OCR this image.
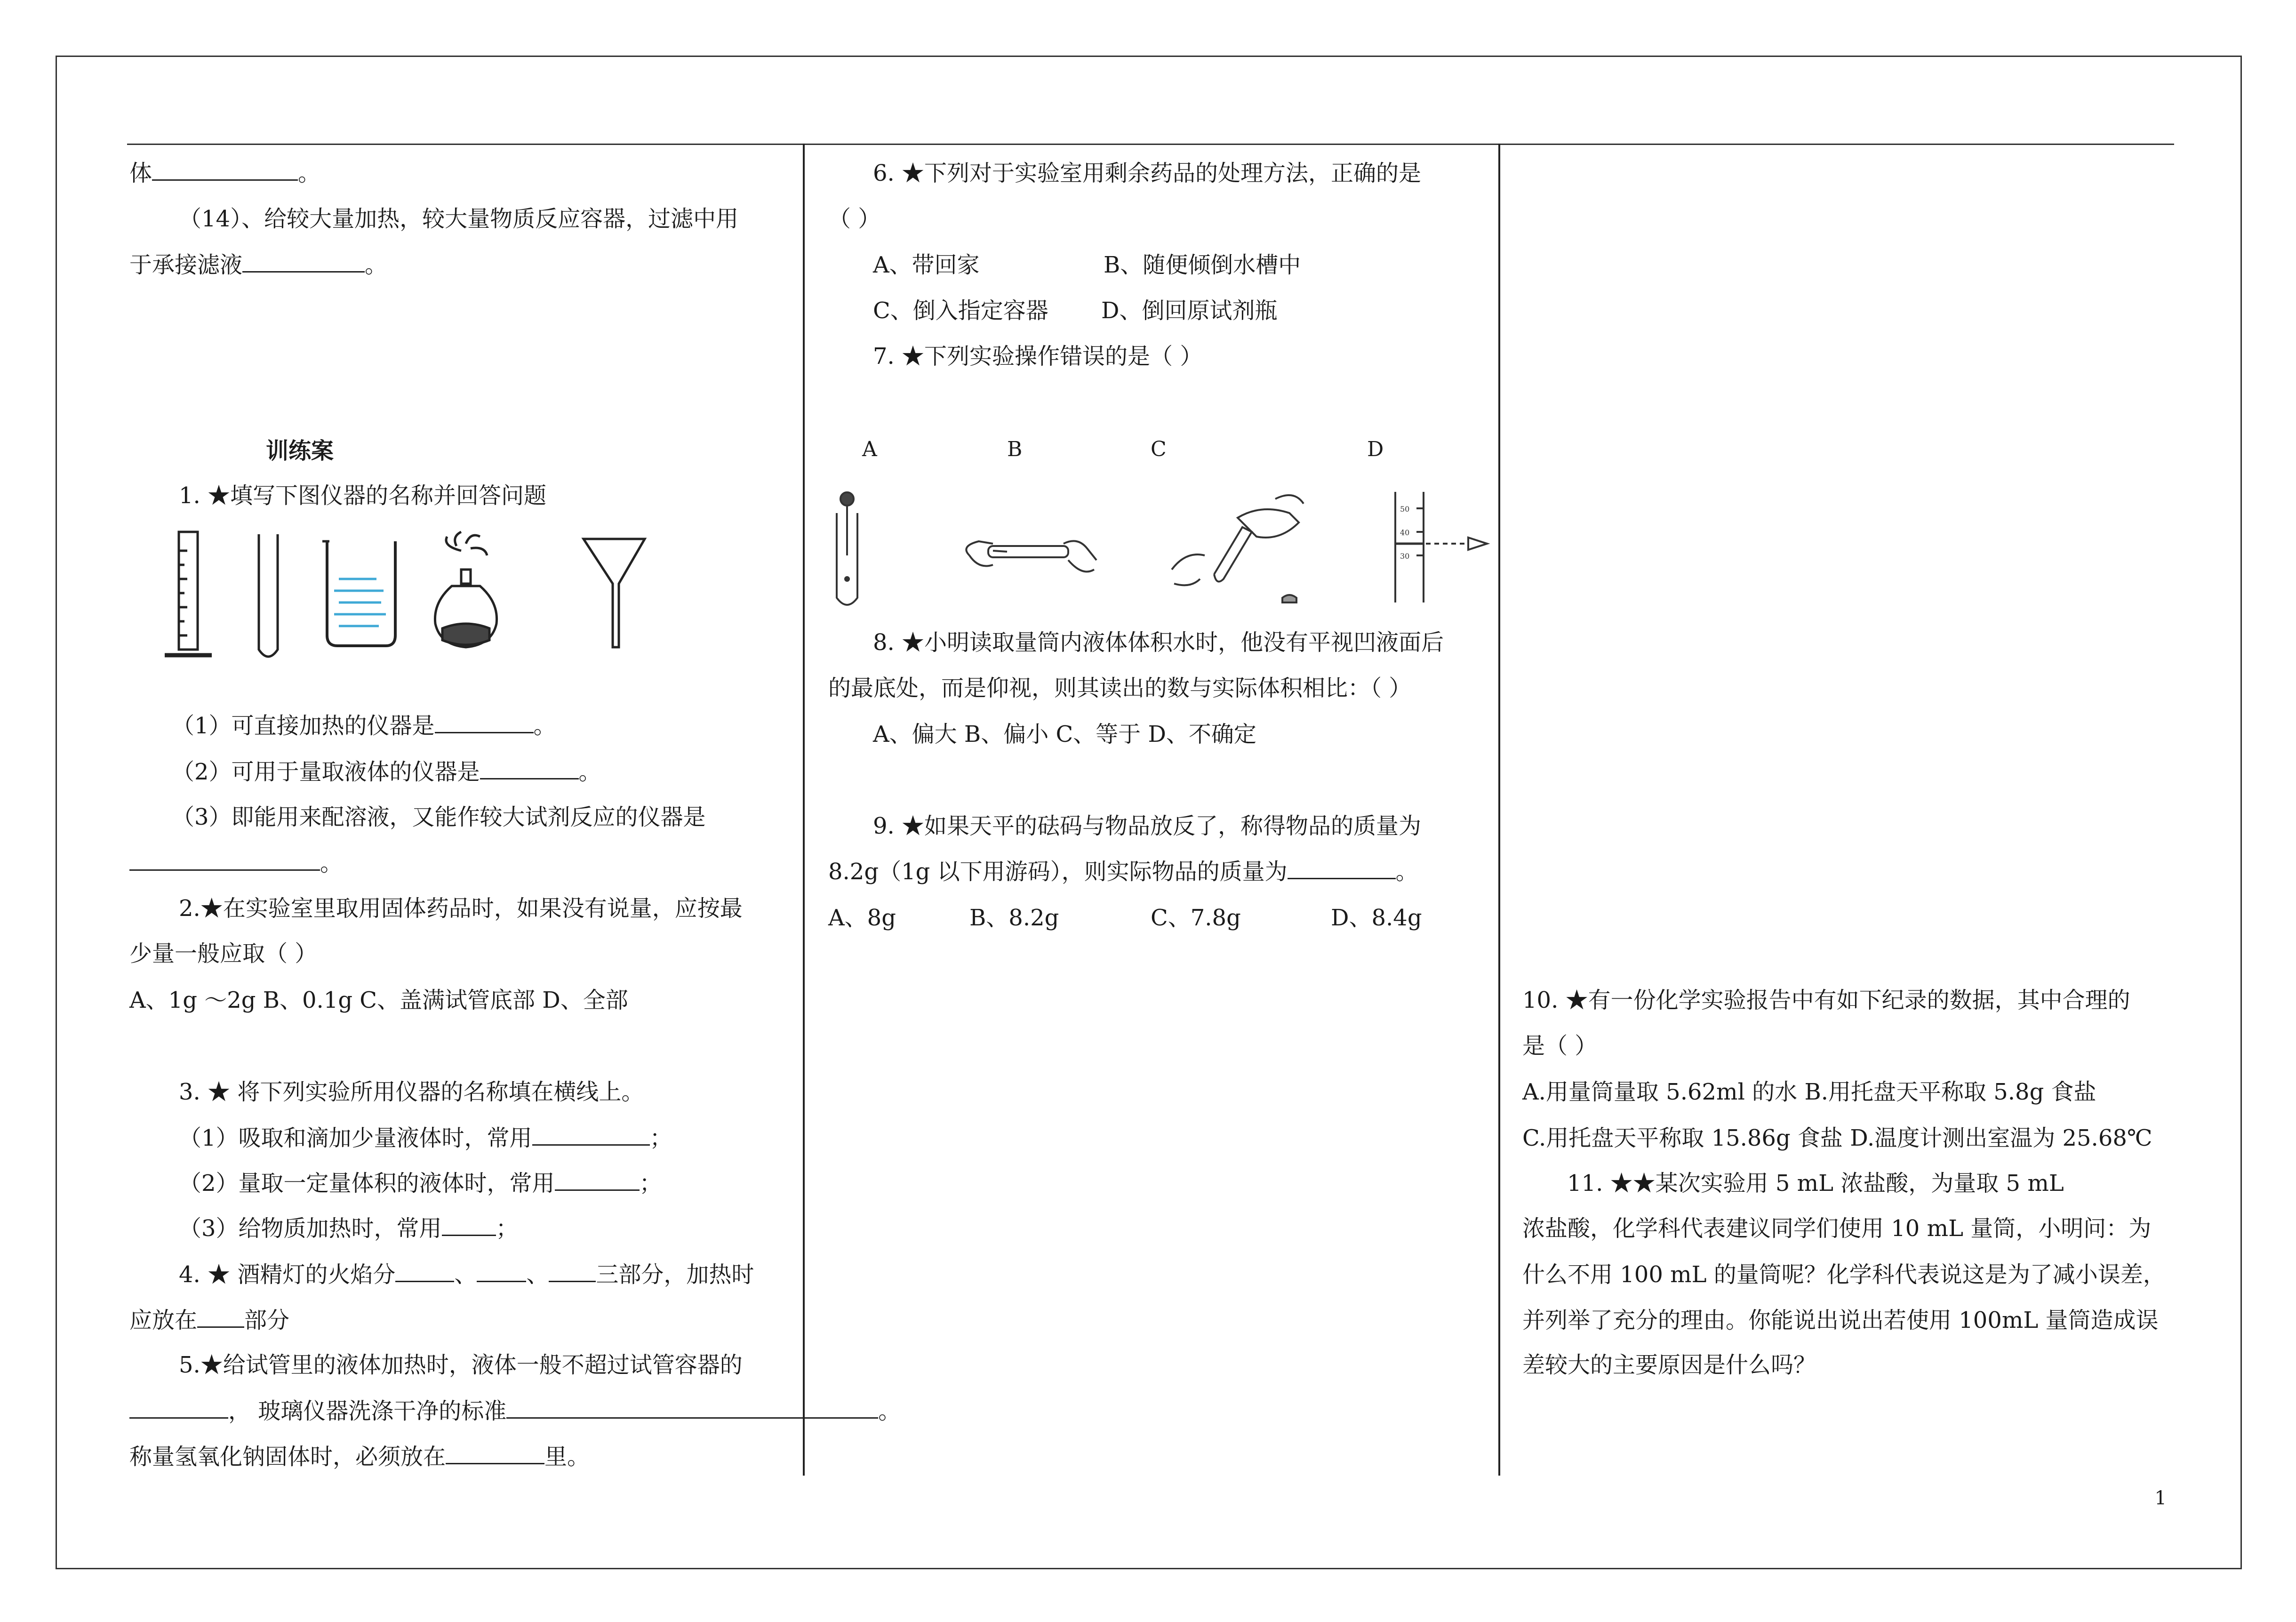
体	。
（14）、给较大量加热，较大量物质反应容器，过滤中用
于承接滤液	。
训练案
1. ★填写下图仪器的名称并回答问题
（1）可直接加热的仪器是	。
（2）可用于量取液体的仪器是	。
（3）即能用来配溶液，又能作较大试剂反应的仪器是
。
2.★在实验室里取用固体药品时，如果没有说量，应按最
少量一般应取（ ）
A、1g ～2g B、0.1g C、盖满试管底部 D、全部
3. ★ 将下列实验所用仪器的名称填在横线上。
（1）吸取和滴加少量液体时，常用	；
（2）量取一定量体积的液体时，常用	；
（3）给物质加热时，常用 ；
4. ★ 酒精灯的火焰分	、 、 三部分，加热时
应放在 部分
5.★给试管里的液体加热时，液体一般不超过试管容器的
， 玻璃仪器洗涤干净的标准	。
称量氢氧化钠固体时，必须放在	里。
6. ★下列对于实验室用剩余药品的处理方法，正确的是
（ ）
A、带回家	B、随便倾倒水槽中
C、倒入指定容器 D、倒回原试剂瓶
7. ★下列实验操作错误的是（ ）
A	B	C	D
50
40
30
8. ★小明读取量筒内液体体积水时，他没有平视凹液面后
的最底处，而是仰视，则其读出的数与实际体积相比：（ ）
A、偏大 B、偏小 C、等于 D、不确定
9. ★如果天平的砝码与物品放反了，称得物品的质量为
8.2g（1g 以下用游码），则实际物品的质量为	。
A、8g	B、8.2g	C、7.8g	D、8.4g
10. ★有一份化学实验报告中有如下纪录的数据，其中合理的
是（ ）
A.用量筒量取 5.62ml 的水 B.用托盘天平称取 5.8g 食盐
C.用托盘天平称取 15.86g 食盐 D.温度计测出室温为 25.68℃
11. ★★某次实验用 5 mL 浓盐酸，为量取 5 mL
浓盐酸，化学科代表建议同学们使用 10 mL 量筒，小明问：为
什么不用 100 mL 的量筒呢？化学科代表说这是为了减小误差，
并列举了充分的理由。你能说出说出若使用 100mL 量筒造成误
差较大的主要原因是什么吗？
1
